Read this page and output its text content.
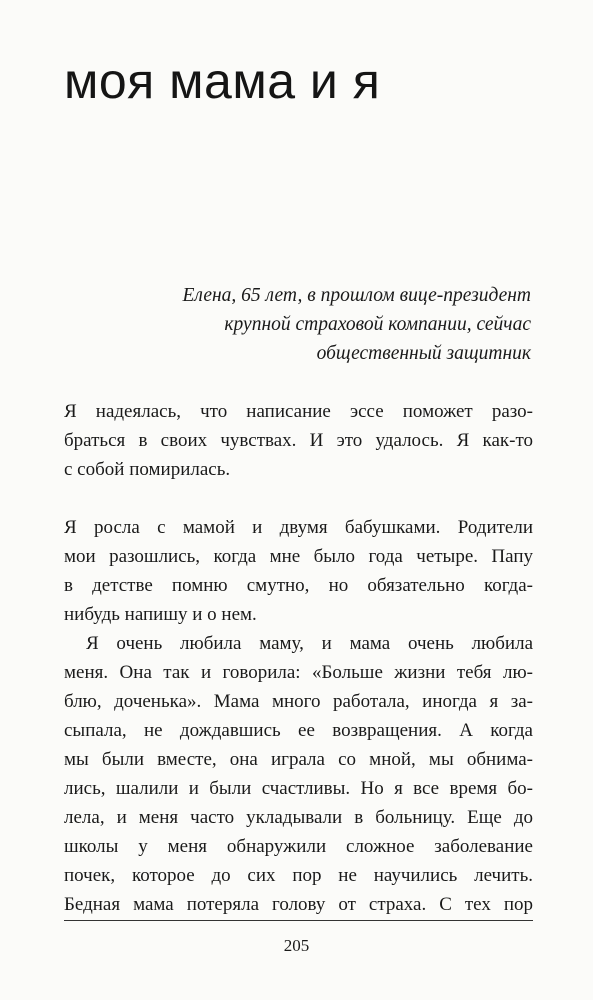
моя мама и я
Елена, 65 лет, в прошлом вице-президент
крупной страховой компании, сейчас
общественный защитник

Я надеялась, что написание эссе поможет разо-
браться в своих чувствах. И это удалось. Я как-то
с собой помирилась.

Я росла с мамой и двумя бабушками. Родители
мои разошлись, когда мне было года четыре. Папу
в детстве помню смутно, но обязательно когда-
нибудь напишу и о нем.

Я очень любила маму, и мама очень любила
меня. Она так и говорила: «Больше жизни тебя лю-
блю, доченька». Мама много работала, иногда я за-
сыпала, не дождавшись ее возвращения. А когда
мы были вместе, она играла со мной, мы обнима-
лись, шалили и были счастливы. Но я все время бо-
лела, и меня часто укладывали в больницу. Еще до
школы у меня обнаружили сложное заболевание
почек, которое до сих пор не научились лечить.
Бедная мама потеряла голову от страха. С тех пор

205
